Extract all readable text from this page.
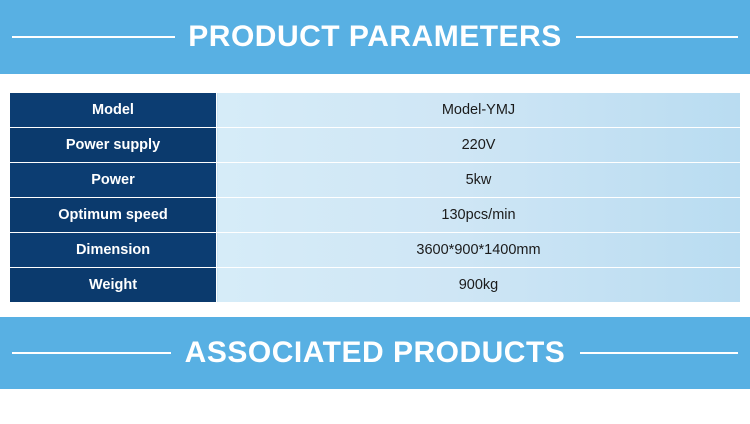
PRODUCT PARAMETERS
Model	Model-YMJ
Power supply	220V
Power	5kw
Optimum speed	130pcs/min
Dimension	3600*900*1400mm
Weight	900kg
ASSOCIATED PRODUCTS
